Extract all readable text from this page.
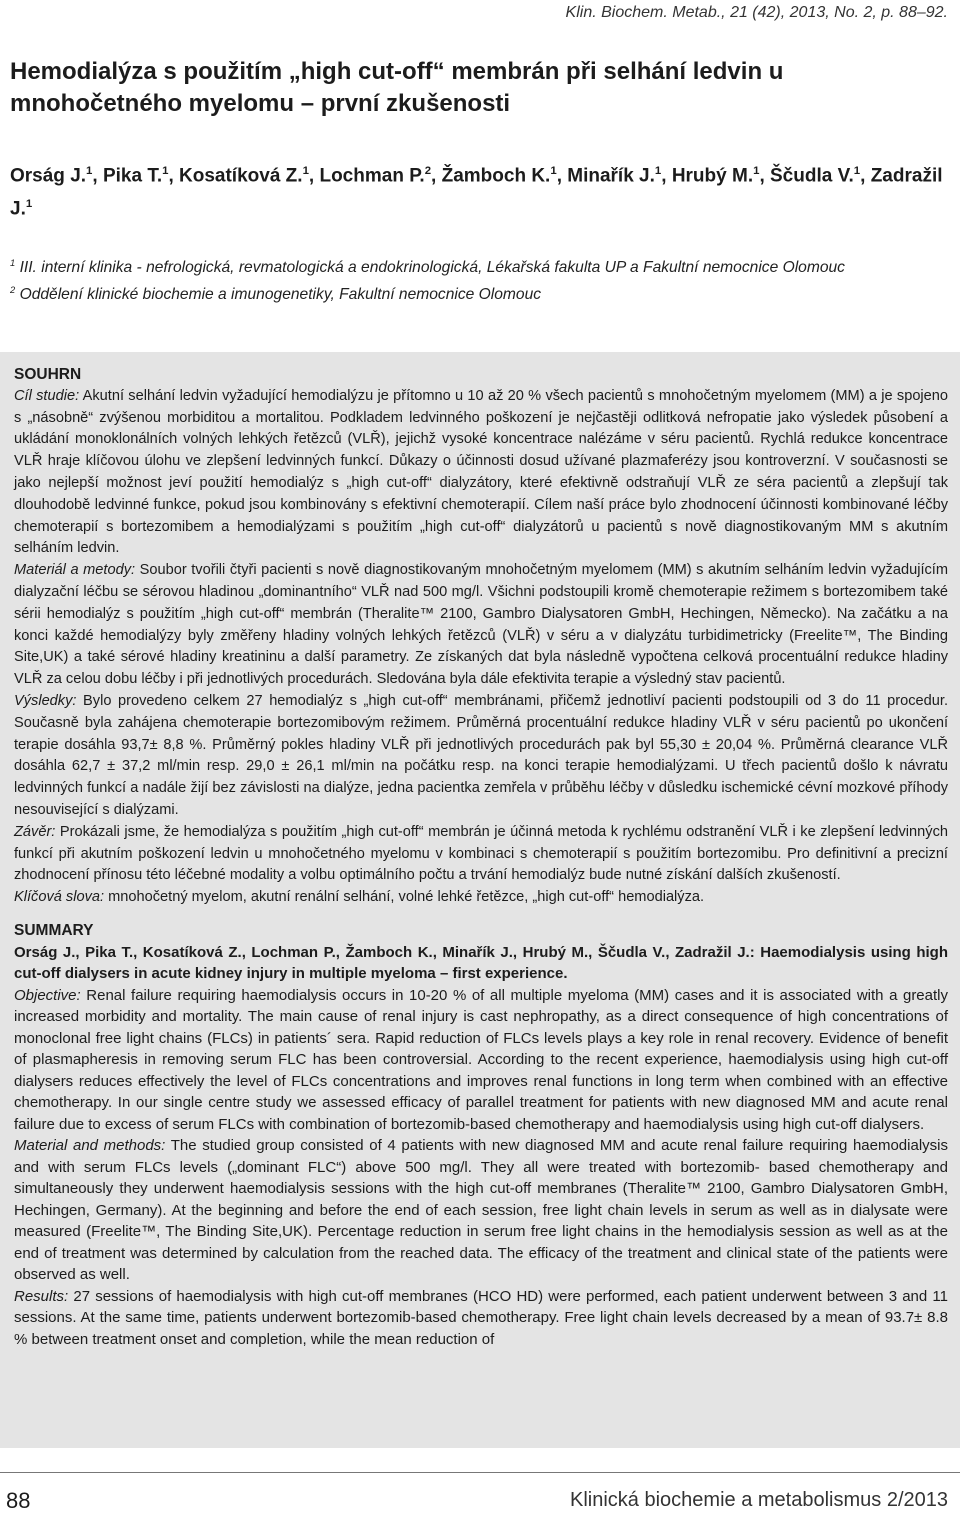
Klin. Biochem. Metab., 21 (42), 2013, No. 2, p. 88–92.
Hemodialýza s použitím „high cut-off“ membrán při selhání ledvin u mnohočetného myelomu – první zkušenosti
Orság J.$^1$, Pika T.$^1$, Kosatíková Z.$^1$, Lochman P.$^2$, Žamboch K.$^1$, Minařík J.$^1$, Hrubý M.$^1$, Ščudla V.$^1$, Zadražil J.$^1$

$^1$ III. interní klinika - nefrologická, revmatologická a endokrinologická, Lékařská fakulta UP a Fakultní nemocnice Olomouc

$^2$ Oddělení klinické biochemie a imunogenetiky, Fakultní nemocnice Olomouc

SOUHRN

Cíl studie: Akutní selhání ledvin vyžadující hemodialýzu je přítomno u 10 až 20 % všech pacientů s mnohočetným myelomem (MM) a je spojeno s „násobně“ zvýšenou morbiditou a mortalitou. Podkladem ledvinného poškození je nejčastěji odlitková nefropatie jako výsledek působení a ukládání monoklonálních volných lehkých řetězců (VLŘ), jejichž vysoké koncentrace nalézáme v séru pacientů. Rychlá redukce koncentrace VLŘ hraje klíčovou úlohu ve zlepšení ledvinných funkcí. Důkazy o účinnosti dosud užívané plazmaferézy jsou kontroverzní. V současnosti se jako nejlepší možnost jeví použití hemodialýz s „high cut-off“ dialyzátory, které efektivně odstraňují VLŘ ze séra pacientů a zlepšují tak dlouhodobě ledvinné funkce, pokud jsou kombinovány s efektivní chemoterapií. Cílem naší práce bylo zhodnocení účinnosti kombinované léčby chemoterapií s bortezomibem a hemodialýzami s použitím „high cut-off“ dialyzátorů u pacientů s nově diagnostikovaným MM s akutním selháním ledvin.

Materiál a metody: Soubor tvořili čtyři pacienti s nově diagnostikovaným mnohočetným myelomem (MM) s akutním selháním ledvin vyžadujícím dialyzační léčbu se sérovou hladinou „dominantního“ VLŘ nad 500 mg/l. Všichni podstoupili kromě chemoterapie režimem s bortezomibem také sérii hemodialýz s použitím „high cut-off“ membrán (Theralite™ 2100, Gambro Dialysatoren GmbH, Hechingen, Německo). Na začátku a na konci každé hemodialýzy byly změřeny hladiny volných lehkých řetězců (VLŘ) v séru a v dialyzátu turbidimetricky (Freelite™, The Binding Site,UK) a také sérové hladiny kreatininu a další parametry. Ze získaných dat byla následně vypočtena celková procentuální redukce hladiny VLŘ za celou dobu léčby i při jednotlivých procedurách. Sledována byla dále efektivita terapie a výsledný stav pacientů.

Výsledky: Bylo provedeno celkem 27 hemodialýz s „high cut-off“ membránami, přičemž jednotliví pacienti podstoupili od 3 do 11 procedur. Současně byla zahájena chemoterapie bortezomibovým režimem. Průměrná procentuální redukce hladiny VLŘ v séru pacientů po ukončení terapie dosáhla 93,7± 8,8 %. Průměrný pokles hladiny VLŘ při jednotlivých procedurách pak byl 55,30 ± 20,04 %. Průměrná clearance VLŘ dosáhla 62,7 ± 37,2 ml/min resp. 29,0 ± 26,1 ml/min na počátku resp. na konci terapie hemodialýzami. U třech pacientů došlo k návratu ledvinných funkcí a nadále žijí bez závislosti na dialýze, jedna pacientka zemřela v průběhu léčby v důsledku ischemické cévní mozkové příhody nesouvisející s dialýzami.

Závěr: Prokázali jsme, že hemodialýza s použitím „high cut-off“ membrán je účinná metoda k rychlému odstranění VLŘ i ke zlepšení ledvinných funkcí při akutním poškození ledvin u mnohočetného myelomu v kombinaci s chemoterapií s použitím bortezomibu. Pro definitivní a precizní zhodnocení přínosu této léčebné modality a volbu optimálního počtu a trvání hemodialýz bude nutné získání dalších zkušeností.

Klíčová slova: mnohočetný myelom, akutní renální selhání, volné lehké řetězce, „high cut-off“ hemodialýza.

SUMMARY

Orság J., Pika T., Kosatíková Z., Lochman P., Žamboch K., Minařík J., Hrubý M., Ščudla V., Zadražil J.: Haemodialysis using high cut-off dialysers in acute kidney injury in multiple myeloma – first experience.

Objective: Renal failure requiring haemodialysis occurs in 10-20 % of all multiple myeloma (MM) cases and it is associated with a greatly increased morbidity and mortality. The main cause of renal injury is cast nephropathy, as a direct consequence of high concentrations of monoclonal free light chains (FLCs) in patients´ sera. Rapid reduction of FLCs levels plays a key role in renal recovery. Evidence of benefit of plasmapheresis in removing serum FLC has been controversial. According to the recent experience, haemodialysis using high cut-off dialysers reduces effectively the level of FLCs concentrations and improves renal functions in long term when combined with an effective chemotherapy. In our single centre study we assessed efficacy of parallel treatment for patients with new diagnosed MM and acute renal failure due to excess of serum FLCs with combination of bortezomib-based chemotherapy and haemodialysis using high cut-off dialysers.

Material and methods: The studied group consisted of 4 patients with new diagnosed MM and acute renal failure requiring haemodialysis and with serum FLCs levels („dominant FLC“) above 500 mg/l. They all were treated with bortezomib- based chemotherapy and simultaneously they underwent haemodialysis sessions with the high cut-off membranes (Theralite™ 2100, Gambro Dialysatoren GmbH, Hechingen, Germany). At the beginning and before the end of each session, free light chain levels in serum as well as in dialysate were measured (Freelite™, The Binding Site,UK). Percentage reduction in serum free light chains in the hemodialysis session as well as at the end of treatment was determined by calculation from the reached data. The efficacy of the treatment and clinical state of the patients were observed as well.

Results: 27 sessions of haemodialysis with high cut-off membranes (HCO HD) were performed, each patient underwent between 3 and 11 sessions. At the same time, patients underwent bortezomib-based chemotherapy. Free light chain levels decreased by a mean of 93.7± 8.8 % between treatment onset and completion, while the mean reduction of

88	Klinická biochemie a metabolismus 2/2013
